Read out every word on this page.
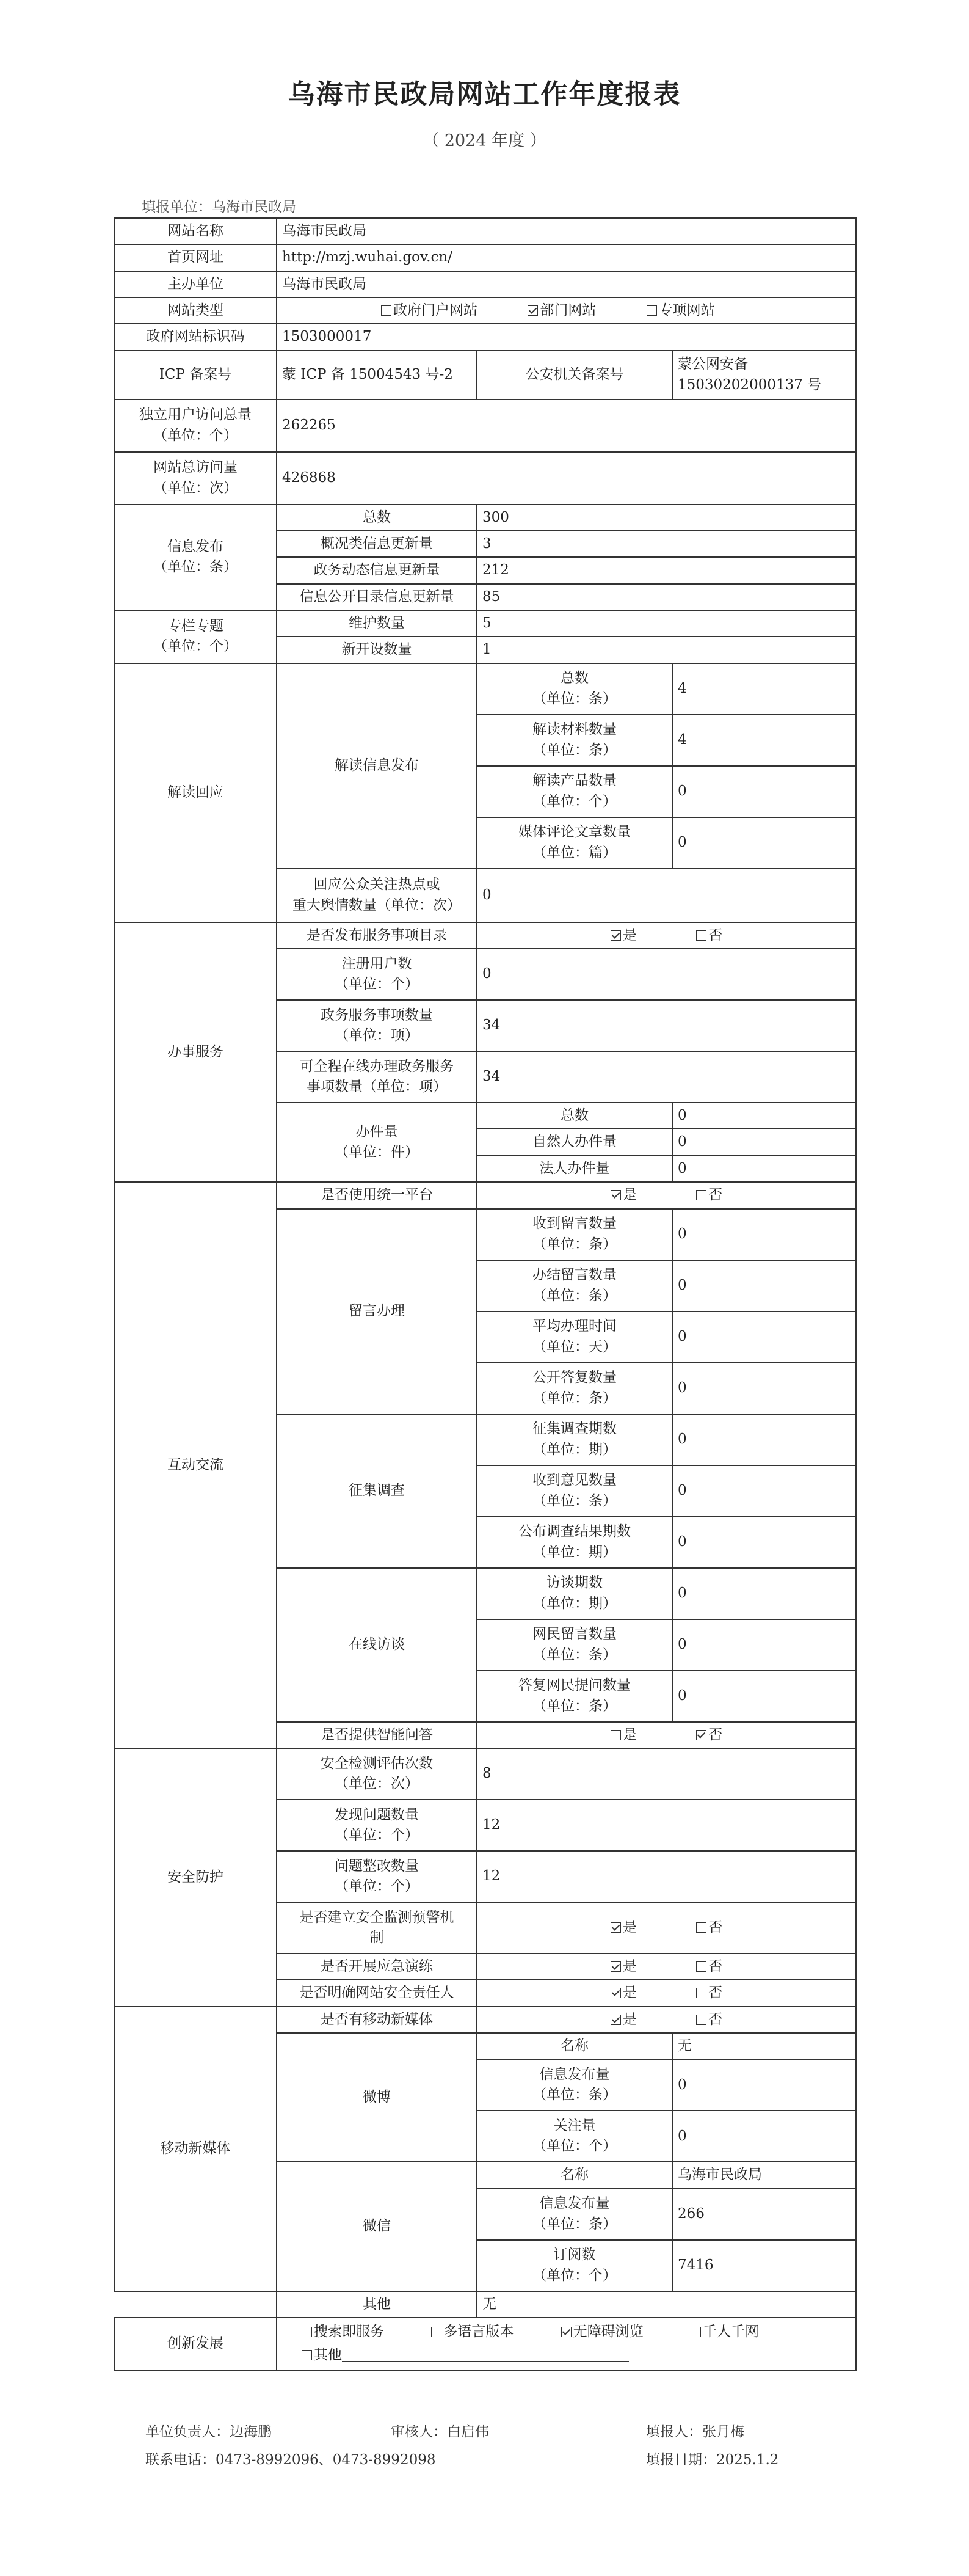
乌海市民政局网站工作年度报表
（ 2024 年度 ）
填报单位：乌海市民政局
网站名称	乌海市民政局		
首页网址	http://mzj.wuhai.gov.cn/		
主办单位	乌海市民政局		
网站类型	政府门户网站 部门网站 专项网站		
政府网站标识码	1503000017		
ICP 备案号	蒙 ICP 备 15004543 号-2	公安机关备案号	蒙公网安备
15030202000137 号
独立用户访问总量
（单位：个）	262265		
网站总访问量
（单位：次）	426868		
信息发布
（单位：条）	总数	300	
	概况类信息更新量	3	
	政务动态信息更新量	212	
	信息公开目录信息更新量	85	
专栏专题
（单位：个）	维护数量	5	
	新开设数量	1	
解读回应	解读信息发布	总数
（单位：条）	4
		解读材料数量
（单位：条）	4
		解读产品数量
（单位：个）	0
		媒体评论文章数量
（单位：篇）	0
	回应公众关注热点或
重大舆情数量（单位：次）	0	
办事服务	是否发布服务事项目录	是 否	
	注册用户数
（单位：个）	0	
	政务服务事项数量
（单位：项）	34	
	可全程在线办理政务服务
事项数量（单位：项）	34	
	办件量
（单位：件）	总数	0
		自然人办件量	0
		法人办件量	0
互动交流	是否使用统一平台	是 否	
	留言办理	收到留言数量
（单位：条）	0
		办结留言数量
（单位：条）	0
		平均办理时间
（单位：天）	0
		公开答复数量
（单位：条）	0
	征集调查	征集调查期数
（单位：期）	0
		收到意见数量
（单位：条）	0
		公布调查结果期数
（单位：期）	0
	在线访谈	访谈期数
（单位：期）	0
		网民留言数量
（单位：条）	0
		答复网民提问数量
（单位：条）	0
	是否提供智能问答	是 否	
安全防护	安全检测评估次数
（单位：次）	8	
	发现问题数量
（单位：个）	12	
	问题整改数量
（单位：个）	12	
	是否建立安全监测预警机
制	是 否	
	是否开展应急演练	是 否	
	是否明确网站安全责任人	是 否	
移动新媒体	是否有移动新媒体	是 否	
	微博	名称	无
		信息发布量
（单位：条）	0
		关注量
（单位：个）	0
	微信	名称	乌海市民政局
		信息发布量
（单位：条）	266
		订阅数
（单位：个）	7416
	其他	无	
创新发展	搜索即服务 多语言版本 无障碍浏览 千人千网
其他		
单位负责人：边海鹏	审核人：白启伟	填报人：张月梅
联系电话：0473-8992096、0473-8992098	填报日期：2025.1.2
